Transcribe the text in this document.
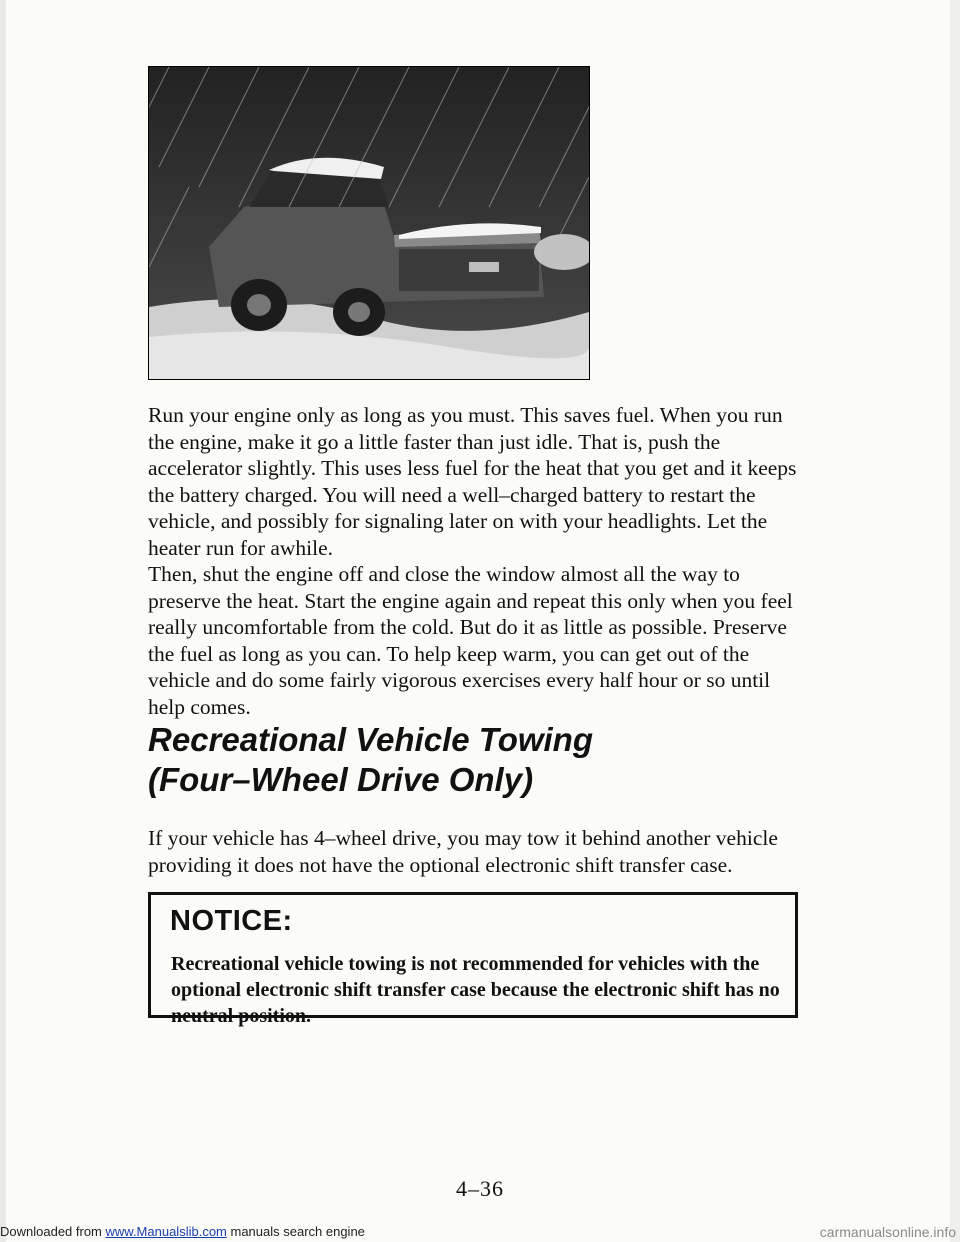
Run your engine only as long as you must. This saves fuel. When you run the engine, make it go a little faster than just idle. That is, push the accelerator slightly. This uses less fuel for the heat that you get and it keeps the battery charged. You will need a well–charged battery to restart the vehicle, and possibly for signaling later on with your headlights. Let the heater run for awhile.

Then, shut the engine off and close the window almost all the way to preserve the heat. Start the engine again and repeat this only when you feel really uncomfortable from the cold. But do it as little as possible. Preserve the fuel as long as you can. To help keep warm, you can get out of the vehicle and do some fairly vigorous exercises every half hour or so until help comes.

Recreational Vehicle Towing
(Four–Wheel Drive Only)

If your vehicle has 4–wheel drive, you may tow it behind another vehicle providing it does not have the optional electronic shift transfer case.

NOTICE:

Recreational vehicle towing is not recommended for vehicles with the optional electronic shift transfer case because the electronic shift has no neutral position.

4–36
Downloaded from www.Manualslib.com manuals search engine	carmanualsonline.info
